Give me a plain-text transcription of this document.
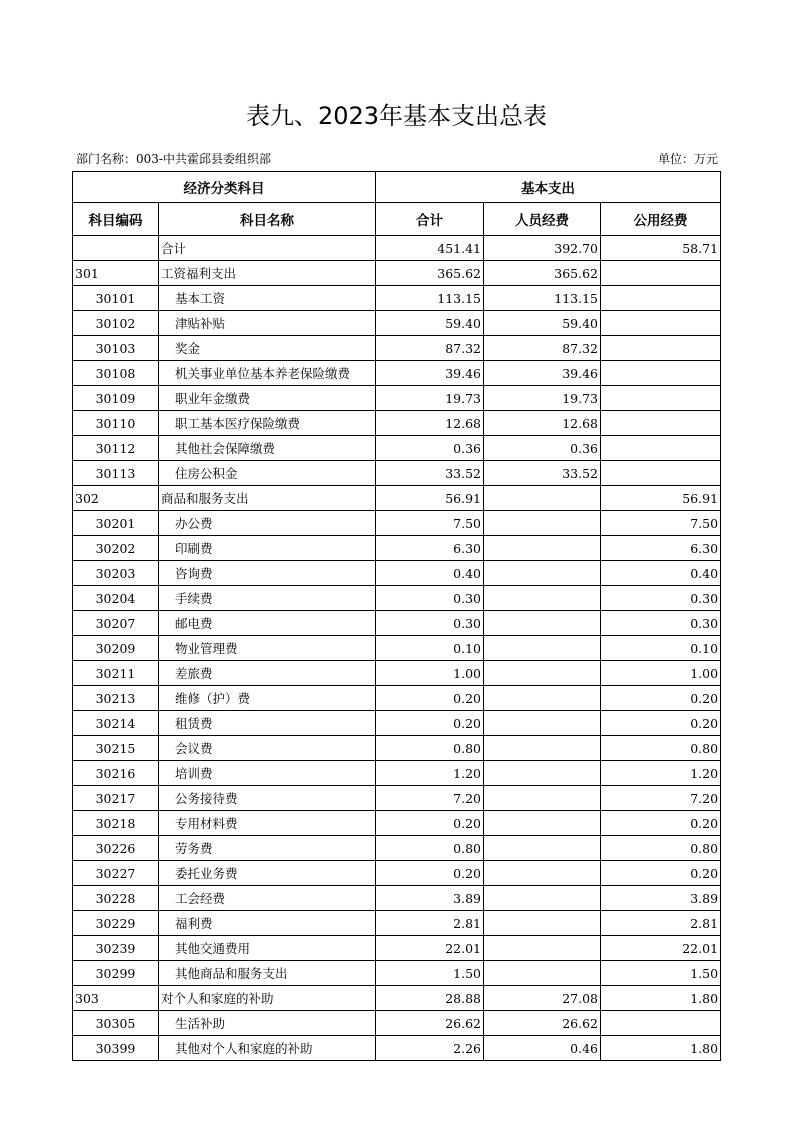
表九、2023年基本支出总表
部门名称：003-中共霍邱县委组织部	单位：万元
经济分类科目		基本支出		
科目编码	科目名称	合计	人员经费	公用经费
	合计	451.41	392.70	58.71
301	工资福利支出	365.62	365.62	
30101	基本工资	113.15	113.15	
30102	津贴补贴	59.40	59.40	
30103	奖金	87.32	87.32	
30108	机关事业单位基本养老保险缴费	39.46	39.46	
30109	职业年金缴费	19.73	19.73	
30110	职工基本医疗保险缴费	12.68	12.68	
30112	其他社会保障缴费	0.36	0.36	
30113	住房公积金	33.52	33.52	
302	商品和服务支出	56.91		56.91
30201	办公费	7.50		7.50
30202	印刷费	6.30		6.30
30203	咨询费	0.40		0.40
30204	手续费	0.30		0.30
30207	邮电费	0.30		0.30
30209	物业管理费	0.10		0.10
30211	差旅费	1.00		1.00
30213	维修（护）费	0.20		0.20
30214	租赁费	0.20		0.20
30215	会议费	0.80		0.80
30216	培训费	1.20		1.20
30217	公务接待费	7.20		7.20
30218	专用材料费	0.20		0.20
30226	劳务费	0.80		0.80
30227	委托业务费	0.20		0.20
30228	工会经费	3.89		3.89
30229	福利费	2.81		2.81
30239	其他交通费用	22.01		22.01
30299	其他商品和服务支出	1.50		1.50
303	对个人和家庭的补助	28.88	27.08	1.80
30305	生活补助	26.62	26.62	
30399	其他对个人和家庭的补助	2.26	0.46	1.80
